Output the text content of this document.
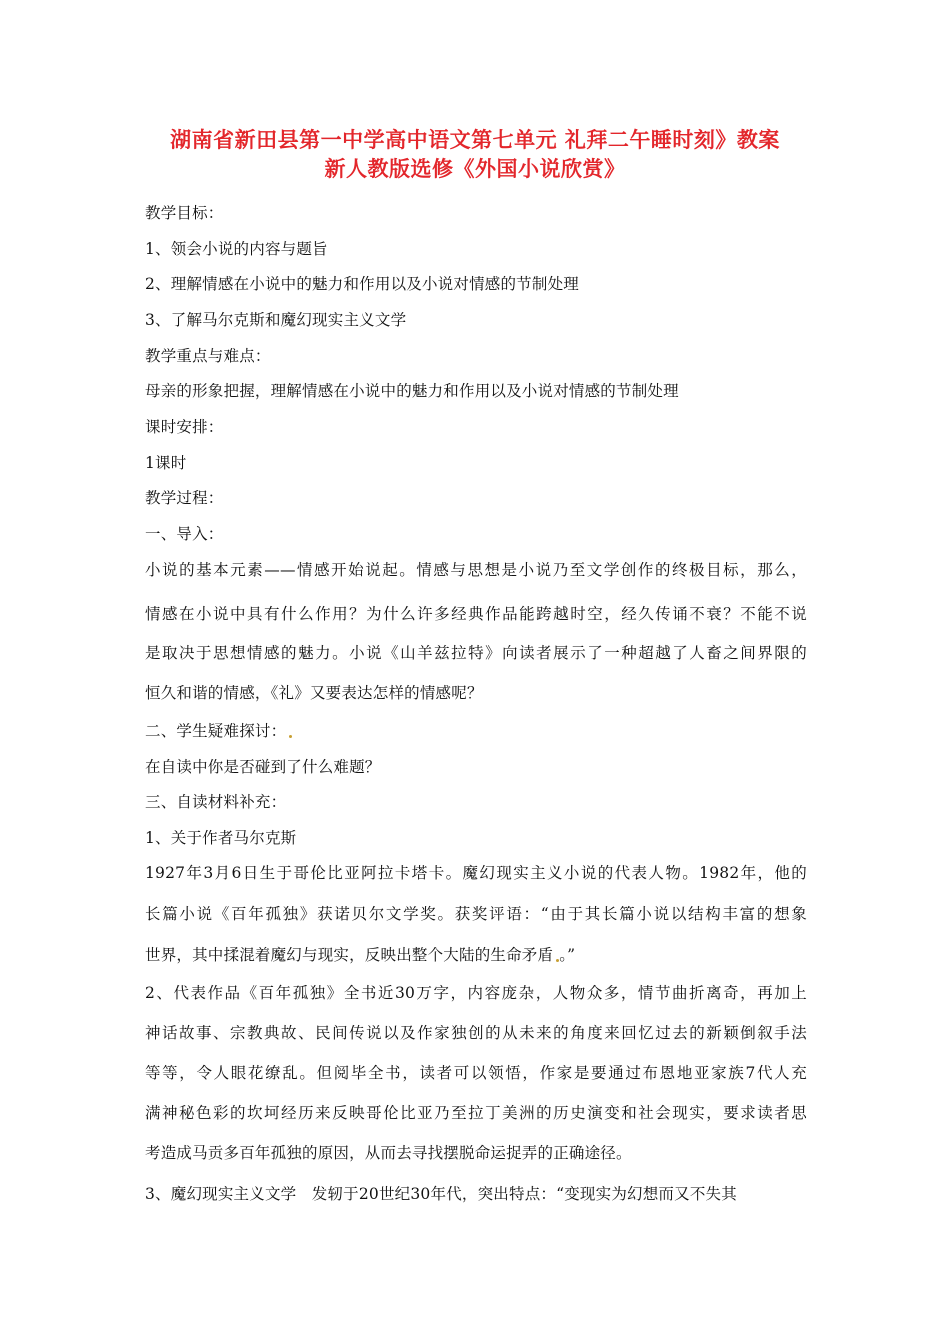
湖南省新田县第一中学高中语文第七单元 礼拜二午睡时刻》教案
新人教版选修《外国小说欣赏》
教学目标：
1、领会小说的内容与题旨
2、理解情感在小说中的魅力和作用以及小说对情感的节制处理
3、了解马尔克斯和魔幻现实主义文学
教学重点与难点：
母亲的形象把握，理解情感在小说中的魅力和作用以及小说对情感的节制处理
课时安排：
1课时
教学过程：
一、导入：
小说的基本元素——情感开始说起。情感与思想是小说乃至文学创作的终极目标，那么，
情感在小说中具有什么作用？为什么许多经典作品能跨越时空，经久传诵不衰？不能不说
是取决于思想情感的魅力。小说《山羊兹拉特》向读者展示了一种超越了人畜之间界限的
恒久和谐的情感，《礼》又要表达怎样的情感呢？
二、学生疑难探讨：
在自读中你是否碰到了什么难题？
三、自读材料补充：
1、关于作者马尔克斯
1927年3月6日生于哥伦比亚阿拉卡塔卡。魔幻现实主义小说的代表人物。1982年，他的
长篇小说《百年孤独》获诺贝尔文学奖。获奖评语：“由于其长篇小说以结构丰富的想象
世界，其中揉混着魔幻与现实，反映出整个大陆的生命矛盾 。”
2、代表作品《百年孤独》全书近30万字，内容庞杂，人物众多，情节曲折离奇，再加上
神话故事、宗教典故、民间传说以及作家独创的从未来的角度来回忆过去的新颖倒叙手法
等等，令人眼花缭乱。但阅毕全书，读者可以领悟，作家是要通过布恩地亚家族7代人充
满神秘色彩的坎坷经历来反映哥伦比亚乃至拉丁美洲的历史演变和社会现实，要求读者思
考造成马贡多百年孤独的原因，从而去寻找摆脱命运捉弄的正确途径。
3、魔幻现实主义文学   发轫于20世纪30年代，突出特点：“变现实为幻想而又不失其
